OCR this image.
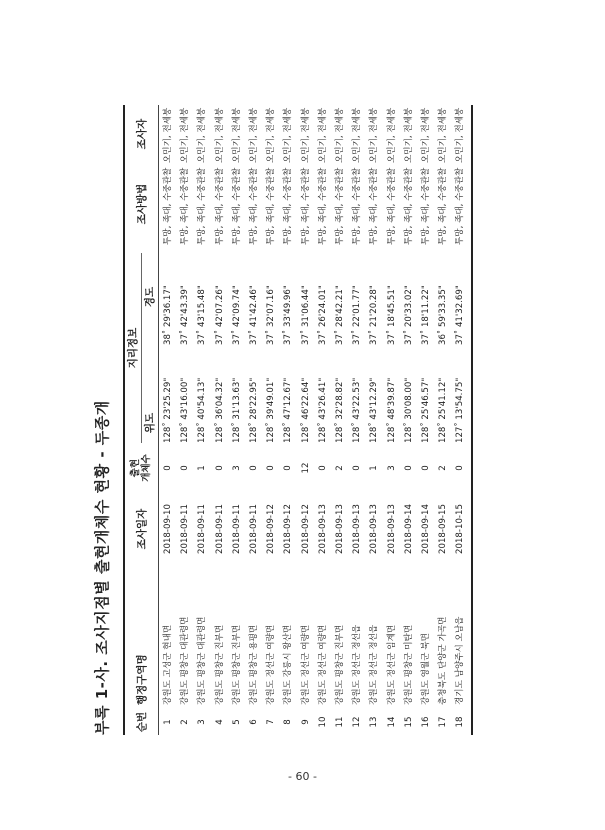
부록 1-사. 조사지점별 출현개체수 현황 - 두종개	순번
행정구역명
조사일자
출현 개체수
지리정보
위도
경도
조사방법
조사자
1
강원도 고성군 현내면
2018-09-10
0
128˚ 23'25.29"
38˚ 29'36.17"
투망, 족대, 수중관찰
오민기, 전세붕
2
강원도 평창군 대관령면
2018-09-11
0
128˚ 43'16.00"
37˚ 42'43.39"
투망, 족대, 수중관찰
오민기, 전세붕
3
강원도 평창군 대관령면
2018-09-11
1
128˚ 40'54.13"
37˚ 43'15.48"
투망, 족대, 수중관찰
오민기, 전세붕
4
강원도 평창군 진부면
2018-09-11
0
128˚ 36'04.32"
37˚ 42'07.26"
투망, 족대, 수중관찰
오민기, 전세붕
5
강원도 평창군 진부면
2018-09-11
3
128˚ 31'13.63"
37˚ 42'09.74"
투망, 족대, 수중관찰
오민기, 전세붕
6
강원도 평창군 용평면
2018-09-11
0
128˚ 28'22.95"
37˚ 41'42.46"
투망, 족대, 수중관찰
오민기, 전세붕
7
강원도 정선군 여량면
2018-09-12
0
128˚ 39'49.01"
37˚ 32'07.16"
투망, 족대, 수중관찰
오민기, 전세붕
8
강원도 강릉시 왕산면
2018-09-12
0
128˚ 47'12.67"
37˚ 33'49.96"
투망, 족대, 수중관찰
오민기, 전세붕
9
강원도 정선군 여량면
2018-09-12
12
128˚ 46'22.64"
37˚ 31'06.44"
투망, 족대, 수중관찰
오민기, 전세붕
10
강원도 정선군 여량면
2018-09-13
0
128˚ 43'26.41"
37˚ 26'24.01"
투망, 족대, 수중관찰
오민기, 전세붕
11
강원도 평창군 진부면
2018-09-13
2
128˚ 32'28.82"
37˚ 28'42.21"
투망, 족대, 수중관찰
오민기, 전세붕
12
강원도 정선군 정선읍
2018-09-13
0
128˚ 43'22.53"
37˚ 22'01.77"
투망, 족대, 수중관찰
오민기, 전세붕
13
강원도 정선군 정선읍
2018-09-13
1
128˚ 43'12.29"
37˚ 21'20.28"
투망, 족대, 수중관찰
오민기, 전세붕
14
강원도 정선군 임계면
2018-09-13
3
128˚ 48'39.87"
37˚ 18'45.51"
투망, 족대, 수중관찰
오민기, 전세붕
15
강원도 평창군 미탄면
2018-09-14
0
128˚ 30'08.00"
37˚ 20'33.02"
투망, 족대, 수중관찰
오민기, 전세붕
16
강원도 영월군 북면
2018-09-14
0
128˚ 25'46.57"
37˚ 18'11.22"
투망, 족대, 수중관찰
오민기, 전세붕
17
충청북도 단양군 가곡면
2018-09-15
2
128˚ 25'41.12"
36˚ 59'33.35"
투망, 족대, 수중관찰
오민기, 전세붕
18
경기도 남양주시 오남읍
2018-10-15
0
127˚ 13'54.75"
37˚ 41'32.69"
투망, 족대, 수중관찰
오민기, 전세붕
- 60 -
